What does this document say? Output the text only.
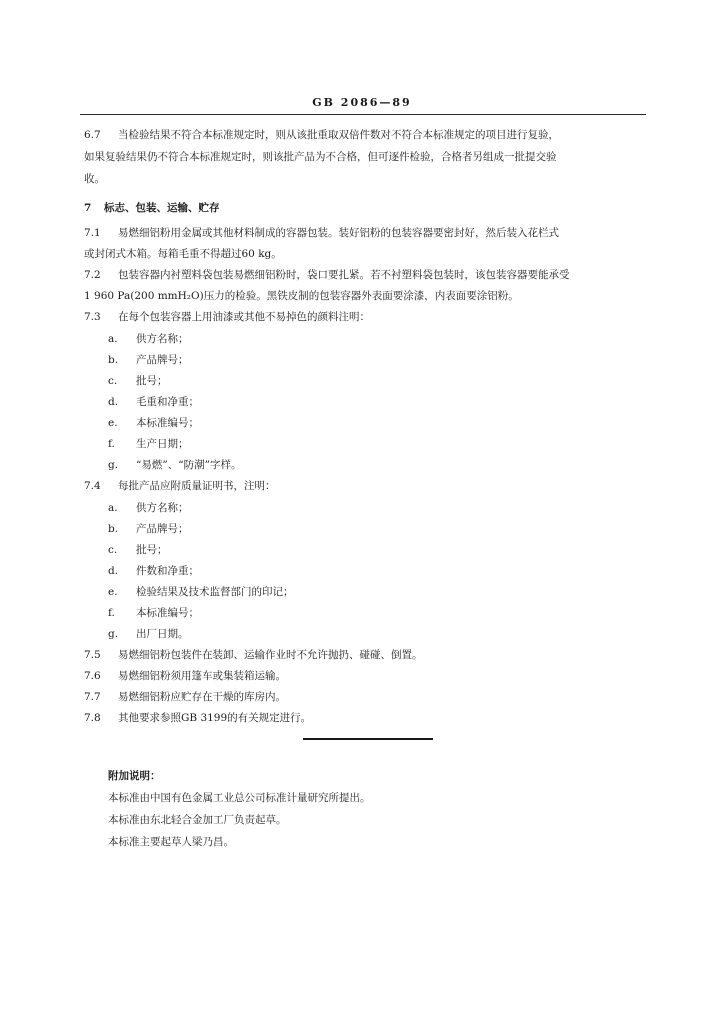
GB 2086—89
6.7 当检验结果不符合本标准规定时，则从该批重取双倍件数对不符合本标准规定的项目进行复验，
如果复验结果仍不符合本标准规定时，则该批产品为不合格，但可逐件检验，合格者另组成一批提交验
收。
7 标志、包装、运输、贮存
7.1 易燃细铝粉用金属或其他材料制成的容器包装。装好铝粉的包装容器要密封好，然后装入花栏式
或封闭式木箱。每箱毛重不得超过60 kg。
7.2 包装容器内衬塑料袋包装易燃细铝粉时，袋口要扎紧。若不衬塑料袋包装时，该包装容器要能承受
1 960 Pa(200 mmH₂O)压力的检验。黑铁皮制的包装容器外表面要涂漆，内表面要涂铝粉。
7.3 在每个包装容器上用油漆或其他不易掉色的颜料注明：
a. 供方名称；
b. 产品牌号；
c. 批号；
d. 毛重和净重；
e. 本标准编号；
f. 生产日期；
g. “易燃”、“防潮”字样。
7.4 每批产品应附质量证明书，注明：
a. 供方名称；
b. 产品牌号；
c. 批号；
d. 件数和净重；
e. 检验结果及技术监督部门的印记；
f. 本标准编号；
g. 出厂日期。
7.5 易燃细铝粉包装件在装卸、运输作业时不允许抛扔、碰碰、倒置。
7.6 易燃细铝粉须用篷车或集装箱运输。
7.7 易燃细铝粉应贮存在干燥的库房内。
7.8 其他要求参照GB 3199的有关规定进行。
附加说明：
本标准由中国有色金属工业总公司标准计量研究所提出。
本标准由东北轻合金加工厂负责起草。
本标准主要起草人梁乃昌。
